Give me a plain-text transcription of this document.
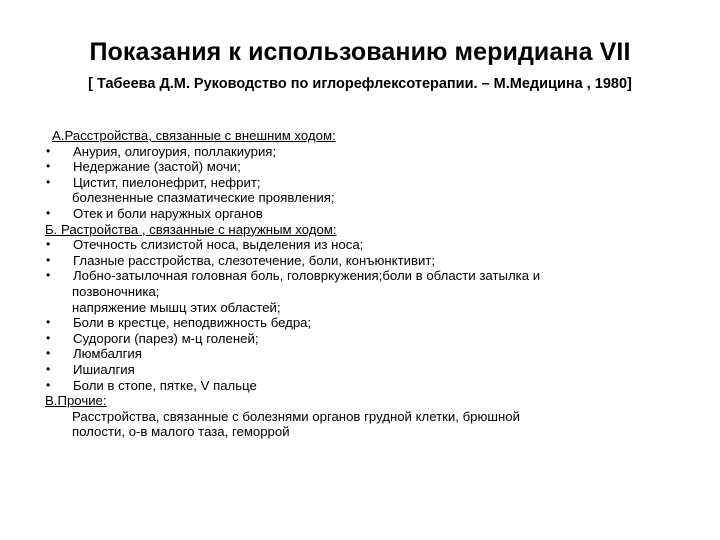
Показания к использованию меридиана VII
[ Табеева Д.М. Руководство по иглорефлексотерапии. – М.Медицина , 1980]
А.Расстройства, связанные с внешним ходом:
•	Анурия, олигоурия, поллакиурия;
•	Недержание (застой) мочи;
•	Цистит, пиелонефрит, нефрит;
болезненные спазматические проявления;
•	Отек и боли наружных органов
Б. Растройства , связанные с наружным ходом:
•	Отечность слизистой носа, выделения из носа;
•	Глазные расстройства, слезотечение, боли, конъюнктивит;
•	Лобно-затылочная головная боль, головркужения;боли в области затылка и
позвоночника;
напряжение мышц этих областей;
•	Боли в крестце, неподвижность бедра;
•	Судороги (парез) м-ц голеней;
•	Люмбалгия
•	Ишиалгия
•	Боли в стопе, пятке, V пальце
В.Прочие:
Расстройства, связанные с болезнями органов грудной клетки, брюшной
полости, о-в малого таза, геморрой
